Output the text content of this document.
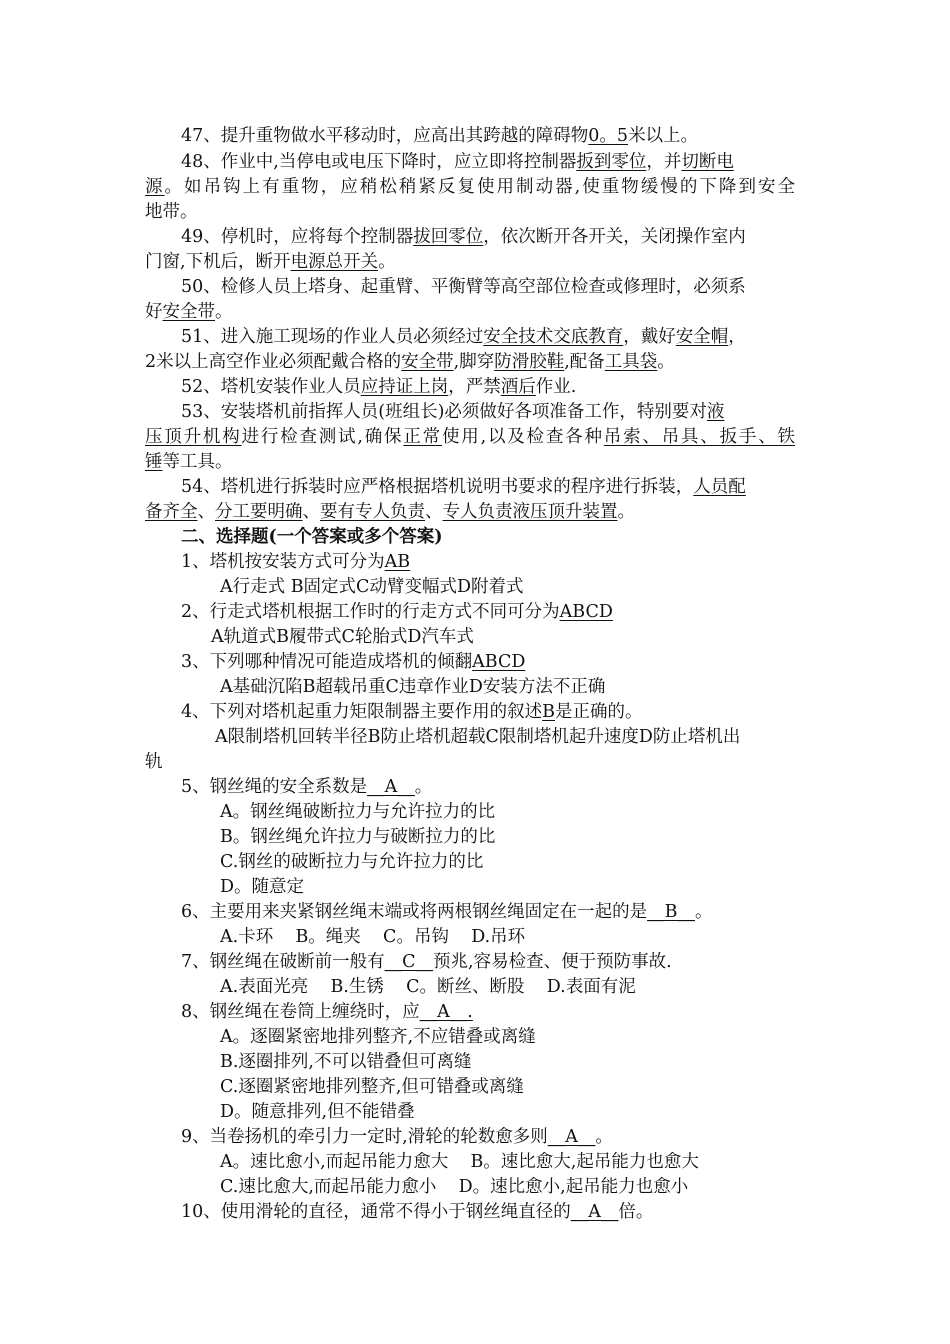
47、提升重物做水平移动时，应高出其跨越的障碍物0。5米以上。
48、作业中,当停电或电压下降时，应立即将控制器扳到零位，并切断电
源。如吊钩上有重物，应稍松稍紧反复使用制动器,使重物缓慢的下降到安全
地带。
49、停机时，应将每个控制器拔回零位，依次断开各开关，关闭操作室内
门窗,下机后，断开电源总开关。
50、检修人员上塔身、起重臂、平衡臂等高空部位检查或修理时，必须系
好安全带。
51、进入施工现场的作业人员必须经过安全技术交底教育，戴好安全帽，
2米以上高空作业必须配戴合格的安全带,脚穿防滑胶鞋,配备工具袋。
52、塔机安装作业人员应持证上岗，严禁酒后作业.
53、安装塔机前指挥人员(班组长)必须做好各项准备工作，特别要对液
压顶升机构进行检查测试,确保正常使用,以及检查各种吊索、吊具、扳手、铁
锤等工具。
54、塔机进行拆装时应严格根据塔机说明书要求的程序进行拆装，人员配
备齐全、分工要明确、要有专人负责、专人负责液压顶升装置。
二、选择题(一个答案或多个答案)
1、塔机按安装方式可分为AB
A行走式 B固定式C动臂变幅式D附着式
2、行走式塔机根据工作时的行走方式不同可分为ABCD
A轨道式B履带式C轮胎式D汽车式
3、下列哪种情况可能造成塔机的倾翻ABCD
A基础沉陷B超载吊重C违章作业D安装方法不正确
4、下列对塔机起重力矩限制器主要作用的叙述B是正确的。
A限制塔机回转半径B防止塔机超载C限制塔机起升速度D防止塔机出
轨
5、钢丝绳的安全系数是__A__。
A。钢丝绳破断拉力与允许拉力的比
B。钢丝绳允许拉力与破断拉力的比
C.钢丝的破断拉力与允许拉力的比
D。随意定
6、主要用来夹紧钢丝绳末端或将两根钢丝绳固定在一起的是__B__。
A.卡环    B。绳夹    C。吊钩    D.吊环
7、钢丝绳在破断前一般有__C__预兆,容易检查、便于预防事故.
A.表面光亮    B.生锈    C。断丝、断股    D.表面有泥
8、钢丝绳在卷筒上缠绕时，应__A__.
A。逐圈紧密地排列整齐,不应错叠或离缝
B.逐圈排列,不可以错叠但可离缝
C.逐圈紧密地排列整齐,但可错叠或离缝
D。随意排列,但不能错叠
9、当卷扬机的牵引力一定时,滑轮的轮数愈多则__A__。
A。速比愈小,而起吊能力愈大    B。速比愈大,起吊能力也愈大
C.速比愈大,而起吊能力愈小    D。速比愈小,起吊能力也愈小
10、使用滑轮的直径，通常不得小于钢丝绳直径的__A__倍。
